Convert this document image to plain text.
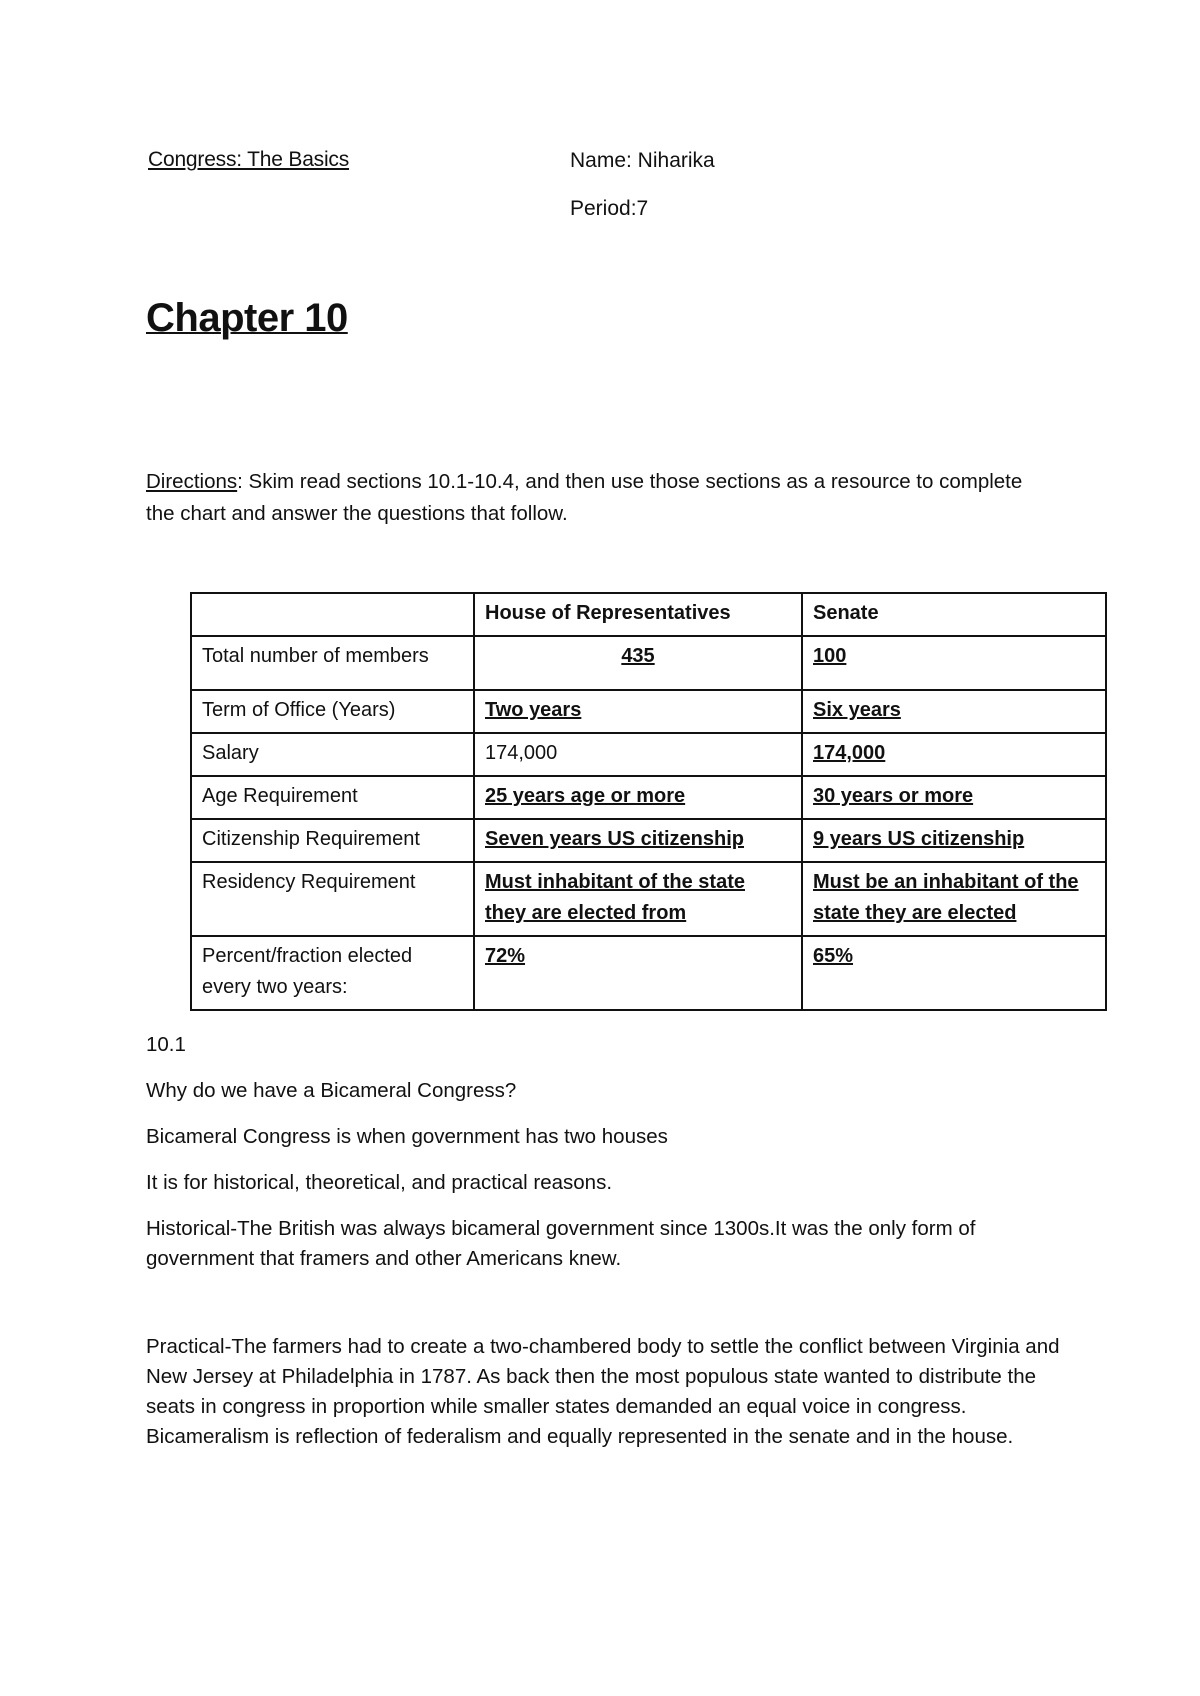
Congress: The Basics	Name: Niharika
Period:7
Chapter 10
Directions: Skim read sections 10.1-10.4, and then use those sections as a resource to complete the chart and answer the questions that follow.
	House of Representatives	Senate
Total number of members	435	100
Term of Office (Years)	Two years	Six years
Salary	174,000	174,000
Age Requirement	25 years age or more	30 years or more
Citizenship Requirement	Seven years US citizenship	9 years US citizenship
Residency Requirement	Must inhabitant of the state they are elected from	Must be an inhabitant of the state they are elected
Percent/fraction elected every two years:	72%	65%

10.1

Why do we have a Bicameral Congress?

Bicameral Congress is when government has two houses

It is for historical, theoretical, and practical reasons.

Historical-The British was always bicameral government since 1300s.It was the only form of government that framers and other Americans knew.

Practical-The farmers had to create a two-chambered body to settle the conflict between Virginia and New Jersey at Philadelphia in 1787. As back then the most populous state wanted to distribute the seats in congress in proportion while smaller states demanded an equal voice in congress. Bicameralism is reflection of federalism and equally represented in the senate and in the house.
